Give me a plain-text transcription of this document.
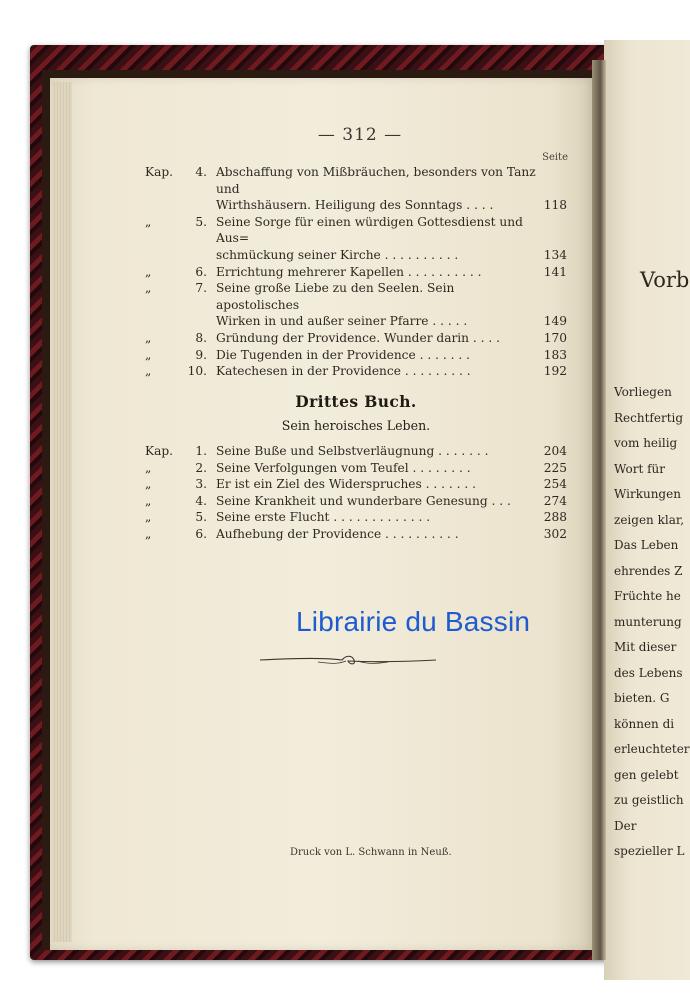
— 312 —
Seite
Kap.	4. Abschaffung von Mißbräuchen, besonders von Tanz und
Wirthshäusern. Heiligung des Sonntags . . . .	118
„	5. Seine Sorge für einen würdigen Gottesdienst und Aus=
schmückung seiner Kirche . . . . . . . . . .	134
„	6. Errichtung mehrerer Kapellen . . . . . . . . . .	141
„	7. Seine große Liebe zu den Seelen. Sein apostolisches
Wirken in und außer seiner Pfarre . . . . .	149
„	8. Gründung der Providence. Wunder darin . . . .	170
„	9. Die Tugenden in der Providence . . . . . . .	183
„	10. Katechesen in der Providence . . . . . . . . .	192
Drittes Buch.
Sein heroisches Leben.
Kap.	1. Seine Buße und Selbstverläugnung . . . . . . .	204
„	2. Seine Verfolgungen vom Teufel . . . . . . . .	225
„	3. Er ist ein Ziel des Widerspruches . . . . . . .	254
„	4. Seine Krankheit und wunderbare Genesung . . .	274
„	5. Seine erste Flucht . . . . . . . . . . . . .	288
„	6. Aufhebung der Providence . . . . . . . . . .	302
Librairie du Bassin
Druck von L. Schwann in Neuß.
Vorb
Vorliegen
Rechtfertig
vom heilig
Wort für
Wirkungen
zeigen klar,
Das Leben
ehrendes Z
Früchte he
munterung
Mit dieser
des Lebens
bieten. G
können di
erleuchteter
gen gelebt
zu geistlich
Der
spezieller L
